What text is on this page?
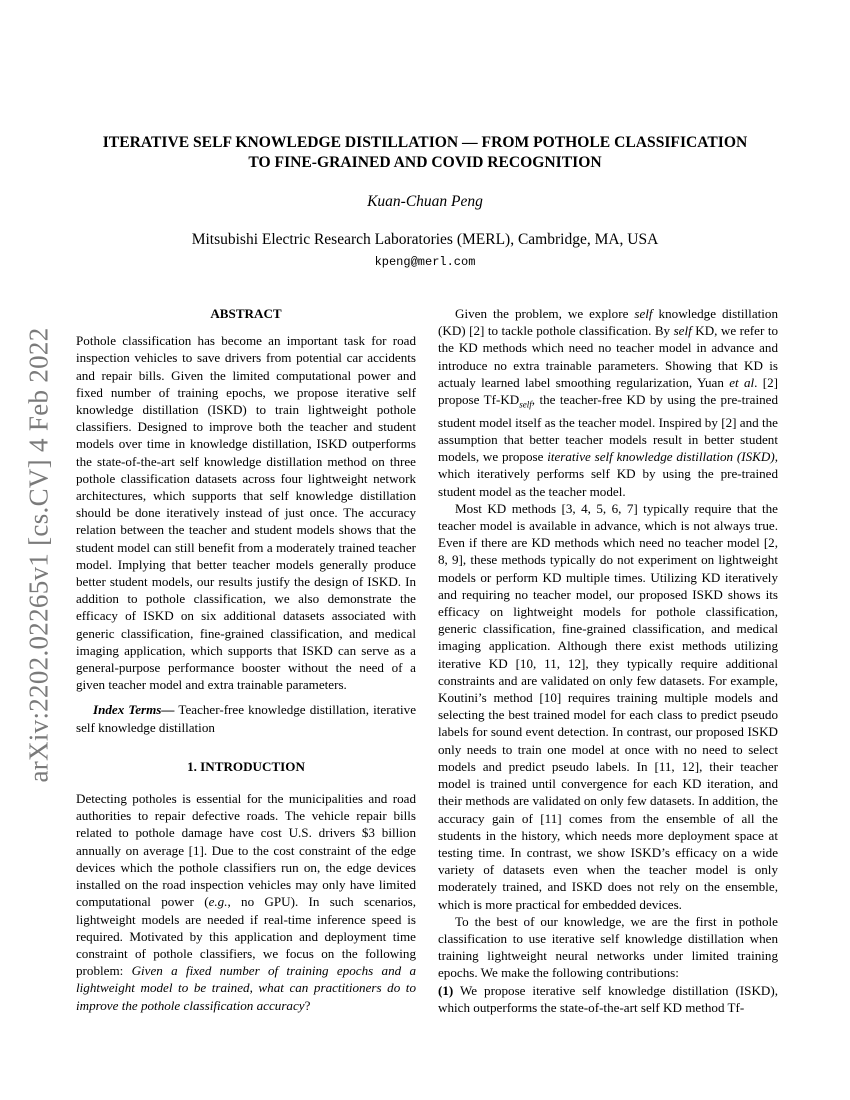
arXiv:2202.02265v1 [cs.CV] 4 Feb 2022
ITERATIVE SELF KNOWLEDGE DISTILLATION — FROM POTHOLE CLASSIFICATION
TO FINE-GRAINED AND COVID RECOGNITION
Kuan-Chuan Peng
Mitsubishi Electric Research Laboratories (MERL), Cambridge, MA, USA
kpeng@merl.com

ABSTRACT

Pothole classification has become an important task for road inspection vehicles to save drivers from potential car accidents and repair bills. Given the limited computational power and fixed number of training epochs, we propose iterative self knowledge distillation (ISKD) to train lightweight pothole classifiers. Designed to improve both the teacher and student models over time in knowledge distillation, ISKD outperforms the state-of-the-art self knowledge distillation method on three pothole classification datasets across four lightweight network architectures, which supports that self knowledge distillation should be done iteratively instead of just once. The accuracy relation between the teacher and student models shows that the student model can still benefit from a moderately trained teacher model. Implying that better teacher models generally produce better student models, our results justify the design of ISKD. In addition to pothole classification, we also demonstrate the efficacy of ISKD on six additional datasets associated with generic classification, fine-grained classification, and medical imaging application, which supports that ISKD can serve as a general-purpose performance booster without the need of a given teacher model and extra trainable parameters.

Index Terms— Teacher-free knowledge distillation, iterative self knowledge distillation

1. INTRODUCTION

Detecting potholes is essential for the municipalities and road authorities to repair defective roads. The vehicle repair bills related to pothole damage have cost U.S. drivers $3 billion annually on average [1]. Due to the cost constraint of the edge devices which the pothole classifiers run on, the edge devices installed on the road inspection vehicles may only have limited computational power (e.g., no GPU). In such scenarios, lightweight models are needed if real-time inference speed is required. Motivated by this application and deployment time constraint of pothole classifiers, we focus on the following problem: Given a fixed number of training epochs and a lightweight model to be trained, what can practitioners do to improve the pothole classification accuracy?

Given the problem, we explore self knowledge distillation (KD) [2] to tackle pothole classification. By self KD, we refer to the KD methods which need no teacher model in advance and introduce no extra trainable parameters. Showing that KD is actualy learned label smoothing regularization, Yuan et al. [2] propose $Tf-KD_{self}$, the teacher-free KD by using the pre-trained student model itself as the teacher model. Inspired by [2] and the assumption that better teacher models result in better student models, we propose iterative self knowledge distillation (ISKD), which iteratively performs self KD by using the pre-trained student model as the teacher model.

Most KD methods [3, 4, 5, 6, 7] typically require that the teacher model is available in advance, which is not always true. Even if there are KD methods which need no teacher model [2, 8, 9], these methods typically do not experiment on lightweight models or perform KD multiple times. Utilizing KD iteratively and requiring no teacher model, our proposed ISKD shows its efficacy on lightweight models for pothole classification, generic classification, fine-grained classification, and medical imaging application. Although there exist methods utilizing iterative KD [10, 11, 12], they typically require additional constraints and are validated on only few datasets. For example, Koutini’s method [10] requires training multiple models and selecting the best trained model for each class to predict pseudo labels for sound event detection. In contrast, our proposed ISKD only needs to train one model at once with no need to select models and predict pseudo labels. In [11, 12], their teacher model is trained until convergence for each KD iteration, and their methods are validated on only few datasets. In addition, the accuracy gain of [11] comes from the ensemble of all the students in the history, which needs more deployment space at testing time. In contrast, we show ISKD’s efficacy on a wide variety of datasets even when the teacher model is only moderately trained, and ISKD does not rely on the ensemble, which is more practical for embedded devices.

To the best of our knowledge, we are the first in pothole classification to use iterative self knowledge distillation when training lightweight neural networks under limited training epochs. We make the following contributions:

(1) We propose iterative self knowledge distillation (ISKD), which outperforms the state-of-the-art self KD method Tf-
